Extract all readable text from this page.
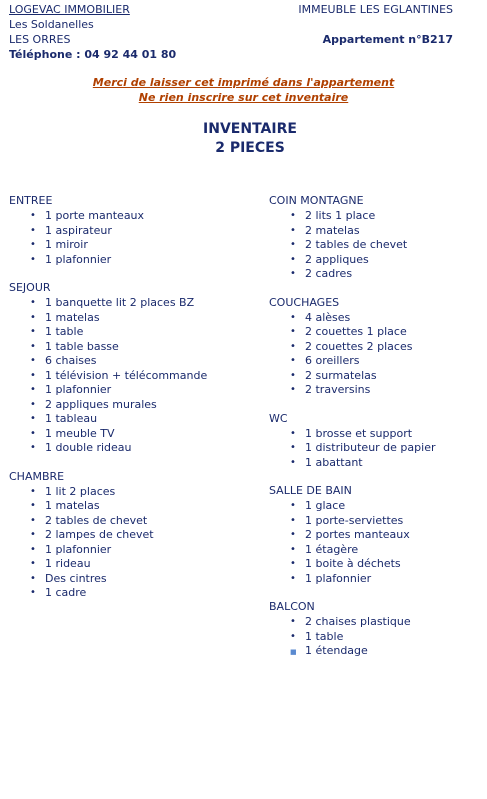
LOGEVAC IMMOBILIER
Les Soldanelles
LES ORRES
Téléphone : 04 92 44 01 80
IMMEUBLE LES EGLANTINES
Appartement n°B217
Merci de laisser cet imprimé dans l'appartement
Ne rien inscrire sur cet inventaire
INVENTAIRE
2 PIECES
ENTREE
• 1 porte manteaux
• 1 aspirateur
• 1 miroir
• 1 plafonnier
SEJOUR
• 1 banquette lit 2 places BZ
• 1 matelas
• 1 table
• 1 table basse
• 6 chaises
• 1 télévision + télécommande
• 1 plafonnier
• 2 appliques murales
• 1 tableau
• 1 meuble TV
• 1 double rideau
CHAMBRE
• 1 lit 2 places
• 1 matelas
• 2 tables de chevet
• 2 lampes de chevet
• 1 plafonnier
• 1 rideau
• Des cintres
• 1 cadre
COIN MONTAGNE
• 2 lits 1 place
• 2 matelas
• 2 tables de chevet
• 2 appliques
• 2 cadres
COUCHAGES
• 4 alèses
• 2 couettes 1 place
• 2 couettes 2 places
• 6 oreillers
• 2 surmatelas
• 2 traversins
WC
• 1 brosse et support
• 1 distributeur de papier
• 1 abattant
SALLE DE BAIN
• 1 glace
• 1 porte-serviettes
• 2 portes manteaux
• 1 étagère
• 1 boite à déchets
• 1 plafonnier
BALCON
• 2 chaises plastique
• 1 table
■ 1 étendage
